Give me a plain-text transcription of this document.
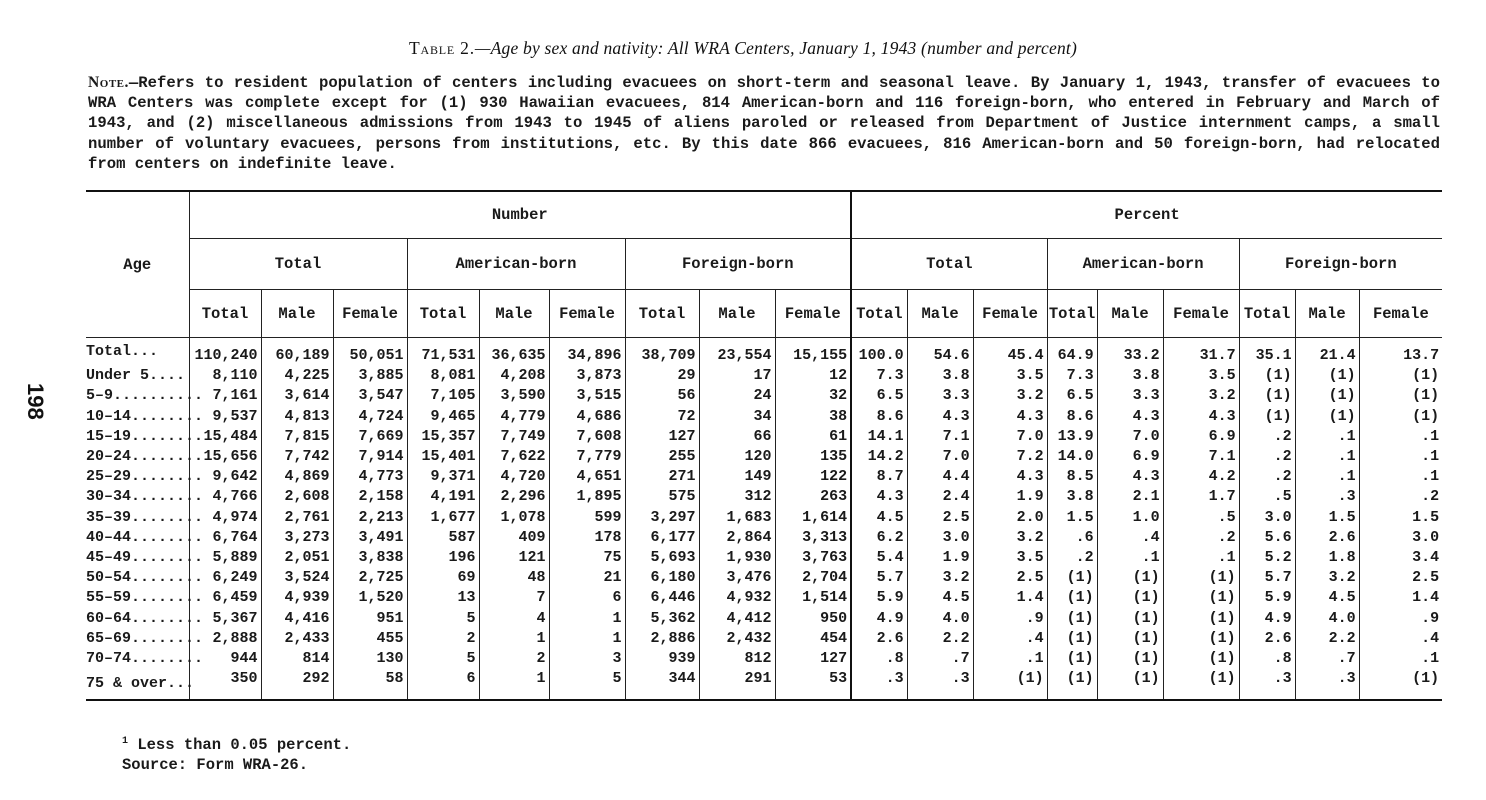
198
Table 2.—Age by sex and nativity: All WRA Centers, January 1, 1943 (number and percent)
Note.—Refers to resident population of centers including evacuees on short-term and seasonal leave. By January 1, 1943, transfer of evacuees to WRA Centers was complete except for (1) 930 Hawaiian evacuees, 814 American-born and 116 foreign-born, who entered in February and March of 1943, and (2) miscellaneous admissions from 1943 to 1945 of aliens paroled or released from Department of Justice internment camps, a small number of voluntary evacuees, persons from institutions, etc. By this date 866 evacuees, 816 American-born and 50 foreign-born, had relocated from centers on indefinite leave.
Age	Number									Percent								
	Total			American-born			Foreign-born			Total			American-born			Foreign-born		
	Total	Male	Female	Total	Male	Female	Total	Male	Female	Total	Male	Female	Total	Male	Female	Total	Male	Female
Total...	110,240	60,189	50,051	71,531	36,635	34,896	38,709	23,554	15,155	100.0	54.6	45.4	64.9	33.2	31.7	35.1	21.4	13.7
Under 5....	8,110	4,225	3,885	8,081	4,208	3,873	29	17	12	7.3	3.8	3.5	7.3	3.8	3.5	(1)	(1)	(1)
5–9..........	7,161	3,614	3,547	7,105	3,590	3,515	56	24	32	6.5	3.3	3.2	6.5	3.3	3.2	(1)	(1)	(1)
10–14........	9,537	4,813	4,724	9,465	4,779	4,686	72	34	38	8.6	4.3	4.3	8.6	4.3	4.3	(1)	(1)	(1)
15–19........	15,484	7,815	7,669	15,357	7,749	7,608	127	66	61	14.1	7.1	7.0	13.9	7.0	6.9	.2	.1	.1
20–24........	15,656	7,742	7,914	15,401	7,622	7,779	255	120	135	14.2	7.0	7.2	14.0	6.9	7.1	.2	.1	.1
25–29........	9,642	4,869	4,773	9,371	4,720	4,651	271	149	122	8.7	4.4	4.3	8.5	4.3	4.2	.2	.1	.1
30–34........	4,766	2,608	2,158	4,191	2,296	1,895	575	312	263	4.3	2.4	1.9	3.8	2.1	1.7	.5	.3	.2
35–39........	4,974	2,761	2,213	1,677	1,078	599	3,297	1,683	1,614	4.5	2.5	2.0	1.5	1.0	.5	3.0	1.5	1.5
40–44........	6,764	3,273	3,491	587	409	178	6,177	2,864	3,313	6.2	3.0	3.2	.6	.4	.2	5.6	2.6	3.0
45–49........	5,889	2,051	3,838	196	121	75	5,693	1,930	3,763	5.4	1.9	3.5	.2	.1	.1	5.2	1.8	3.4
50–54........	6,249	3,524	2,725	69	48	21	6,180	3,476	2,704	5.7	3.2	2.5	(1)	(1)	(1)	5.7	3.2	2.5
55–59........	6,459	4,939	1,520	13	7	6	6,446	4,932	1,514	5.9	4.5	1.4	(1)	(1)	(1)	5.9	4.5	1.4
60–64........	5,367	4,416	951	5	4	1	5,362	4,412	950	4.9	4.0	.9	(1)	(1)	(1)	4.9	4.0	.9
65–69........	2,888	2,433	455	2	1	1	2,886	2,432	454	2.6	2.2	.4	(1)	(1)	(1)	2.6	2.2	.4
70–74........	944	814	130	5	2	3	939	812	127	.8	.7	.1	(1)	(1)	(1)	.8	.7	.1
75 & over...	350	292	58	6	1	5	344	291	53	.3	.3	(1)	(1)	(1)	(1)	.3	.3	(1)
$^1$ Less than 0.05 percent.
Source: Form WRA-26.
